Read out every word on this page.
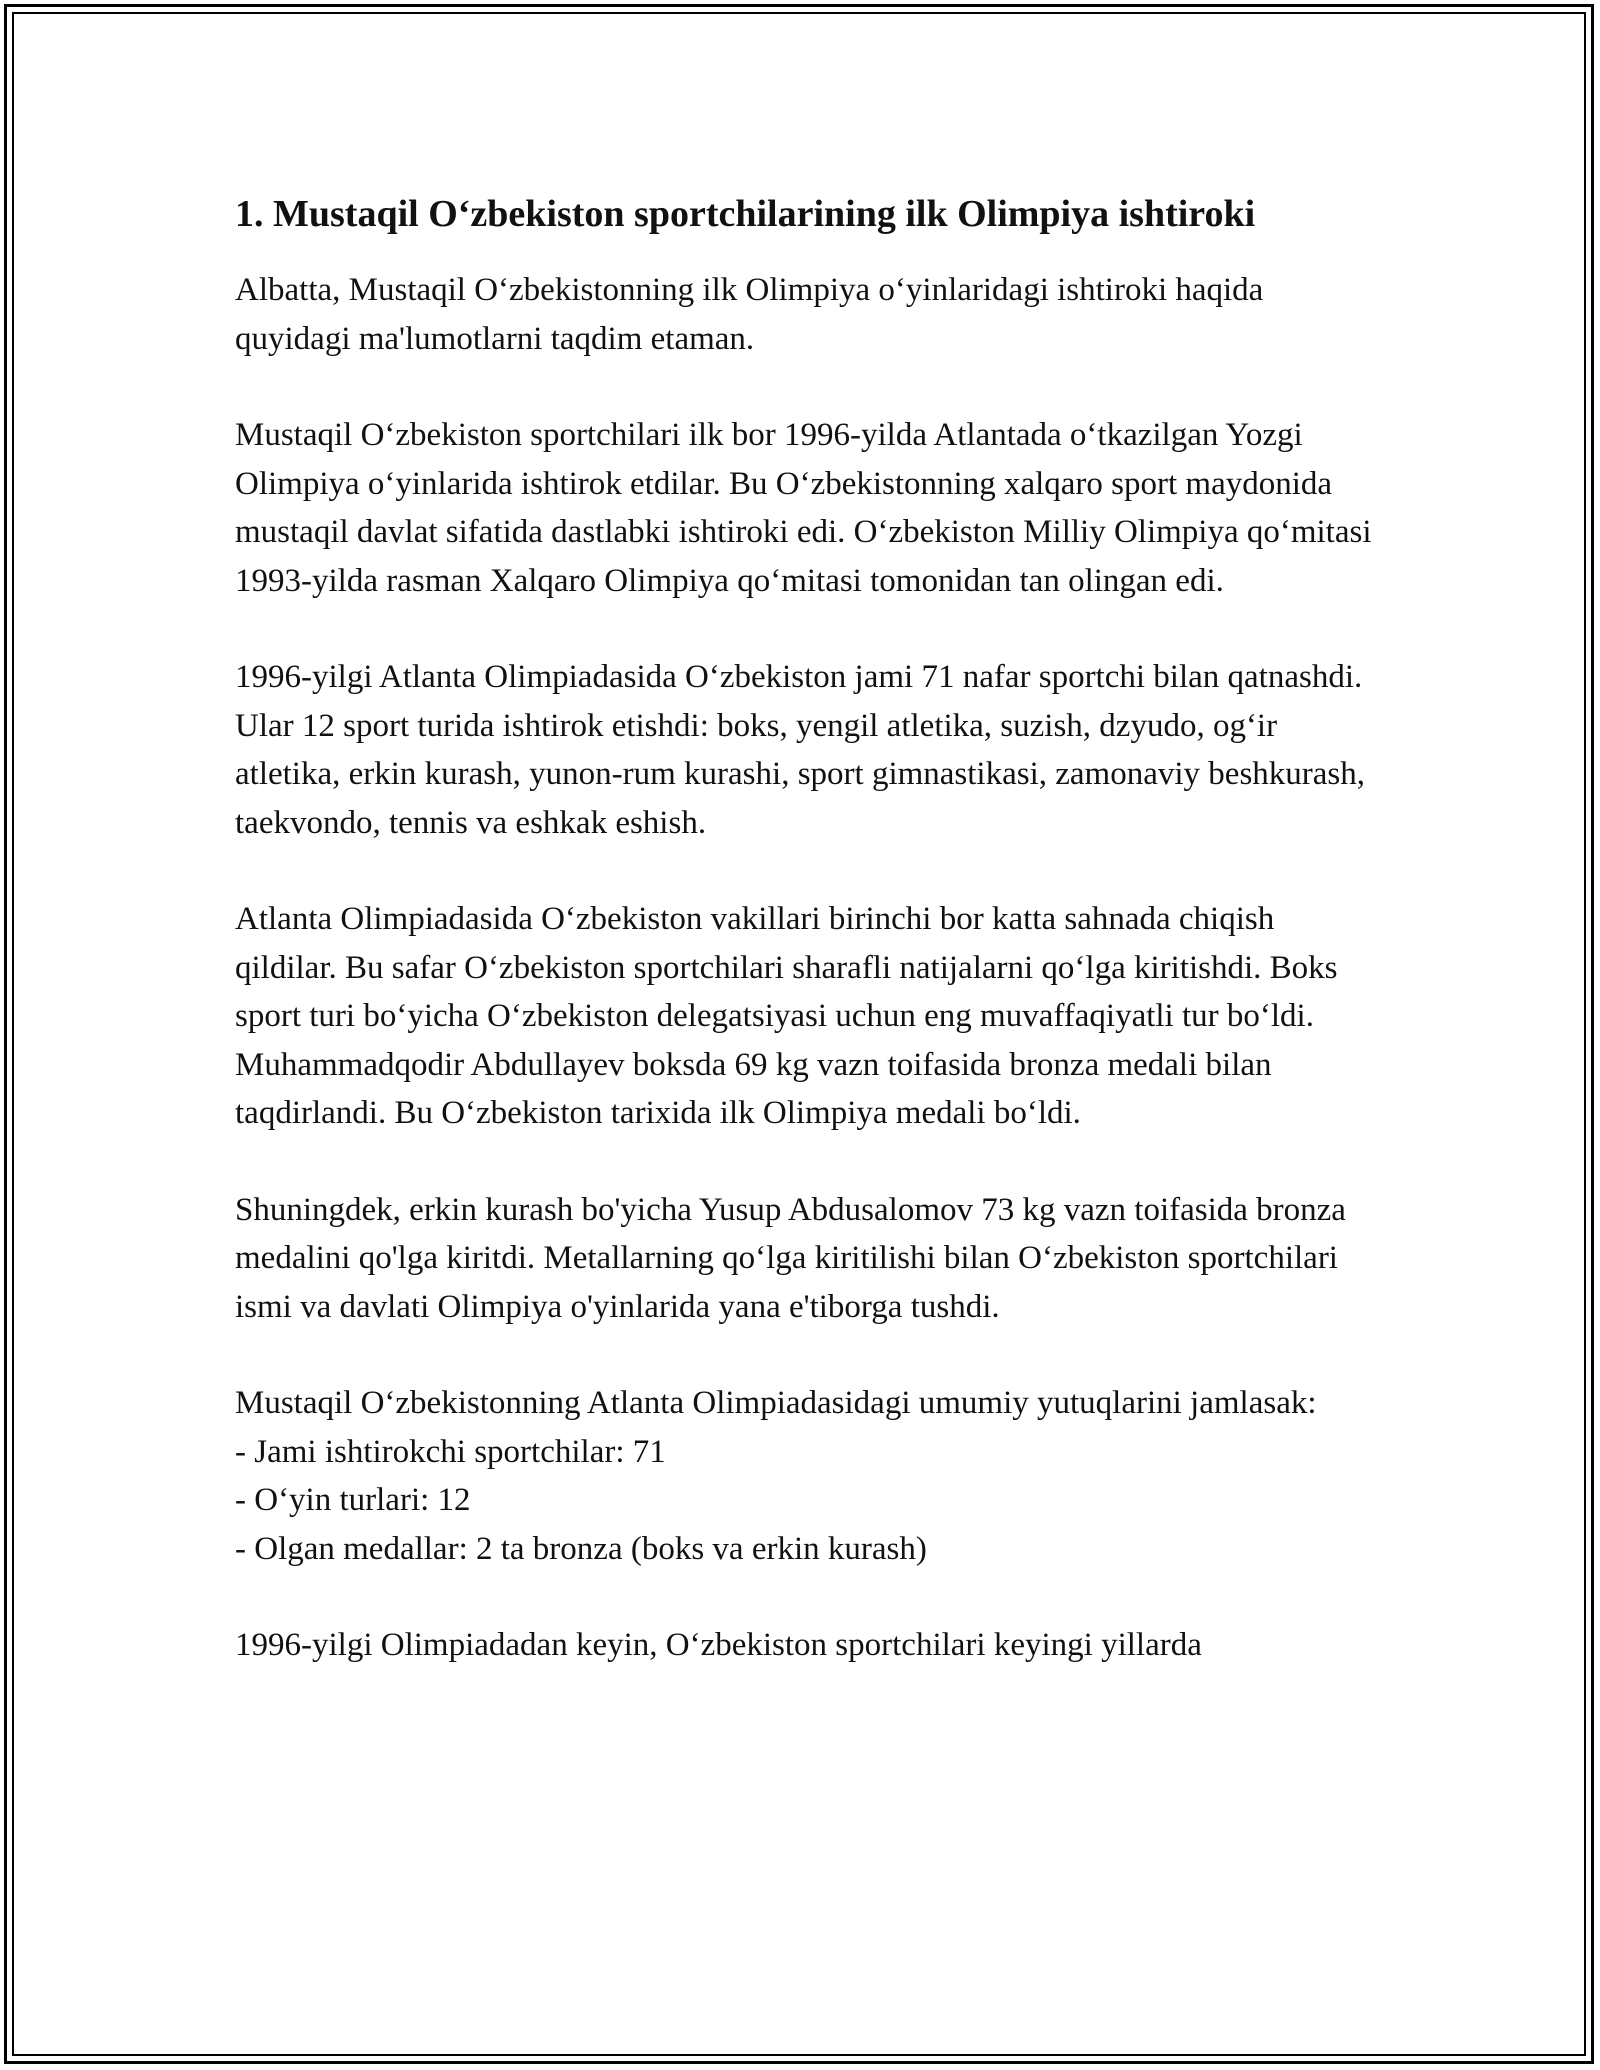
1. Mustaqil O‘zbekiston sportchilarining ilk Olimpiya ishtiroki

Albatta, Mustaqil O‘zbekistonning ilk Olimpiya o‘yinlaridagi ishtiroki haqida quyidagi ma'lumotlarni taqdim etaman.

Mustaqil O‘zbekiston sportchilari ilk bor 1996-yilda Atlantada o‘tkazilgan Yozgi Olimpiya o‘yinlarida ishtirok etdilar. Bu O‘zbekistonning xalqaro sport maydonida mustaqil davlat sifatida dastlabki ishtiroki edi. O‘zbekiston Milliy Olimpiya qo‘mitasi 1993-yilda rasman Xalqaro Olimpiya qo‘mitasi tomonidan tan olingan edi.

1996-yilgi Atlanta Olimpiadasida O‘zbekiston jami 71 nafar sportchi bilan qatnashdi. Ular 12 sport turida ishtirok etishdi: boks, yengil atletika, suzish, dzyudo, og‘ir atletika, erkin kurash, yunon-rum kurashi, sport gimnastikasi, zamonaviy beshkurash, taekvondo, tennis va eshkak eshish.

Atlanta Olimpiadasida O‘zbekiston vakillari birinchi bor katta sahnada chiqish qildilar. Bu safar O‘zbekiston sportchilari sharafli natijalarni qo‘lga kiritishdi. Boks sport turi bo‘yicha O‘zbekiston delegatsiyasi uchun eng muvaffaqiyatli tur bo‘ldi. Muhammadqodir Abdullayev boksda 69 kg vazn toifasida bronza medali bilan taqdirlandi. Bu O‘zbekiston tarixida ilk Olimpiya medali bo‘ldi.

Shuningdek, erkin kurash bo'yicha Yusup Abdusalomov 73 kg vazn toifasida bronza medalini qo'lga kiritdi. Metallarning qo‘lga kiritilishi bilan O‘zbekiston sportchilari ismi va davlati Olimpiya o'yinlarida yana e'tiborga tushdi.

Mustaqil O‘zbekistonning Atlanta Olimpiadasidagi umumiy yutuqlarini jamlasak:

- Jami ishtirokchi sportchilar: 71
- O‘yin turlari: 12
- Olgan medallar: 2 ta bronza (boks va erkin kurash)

1996-yilgi Olimpiadadan keyin, O‘zbekiston sportchilari keyingi yillarda
